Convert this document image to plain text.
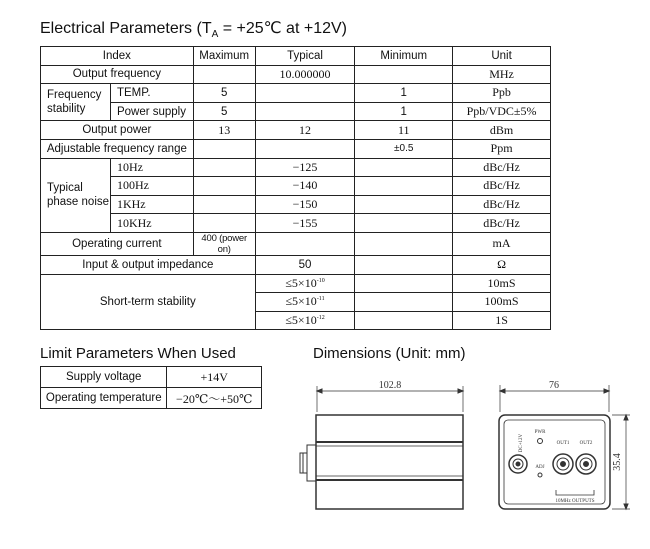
Electrical Parameters ($T_A$ = +25℃ at +12V)
Index		Maximum	Typical	Minimum	Unit
Output frequency			10.000000		MHz
Frequency stability	TEMP.	5		1	Ppb
	Power supply	5		1	Ppb/VDC±5%
Output power		13	12	11	dBm
Adjustable frequency range				±0.5	Ppm
Typical phase noise	10Hz		−125		dBc/Hz
	100Hz		−140		dBc/Hz
	1KHz		−150		dBc/Hz
	10KHz		−155		dBc/Hz
Operating current		400 (power on)			mA
Input & output impedance			50		Ω
Short-term stability			$\le 5\times 10^{-10}$		10mS
			$\le 5\times 10^{-11}$		100mS
			$\le 5\times 10^{-12}$		1S
Limit Parameters When Used
Supply voltage	+14V
Operating temperature	−20℃～+50℃
Dimensions (Unit: mm)
102.8	76
35.4
DC+12V
PWR
ADJ
OUT1 OUT2
10MHz OUTPUTS
